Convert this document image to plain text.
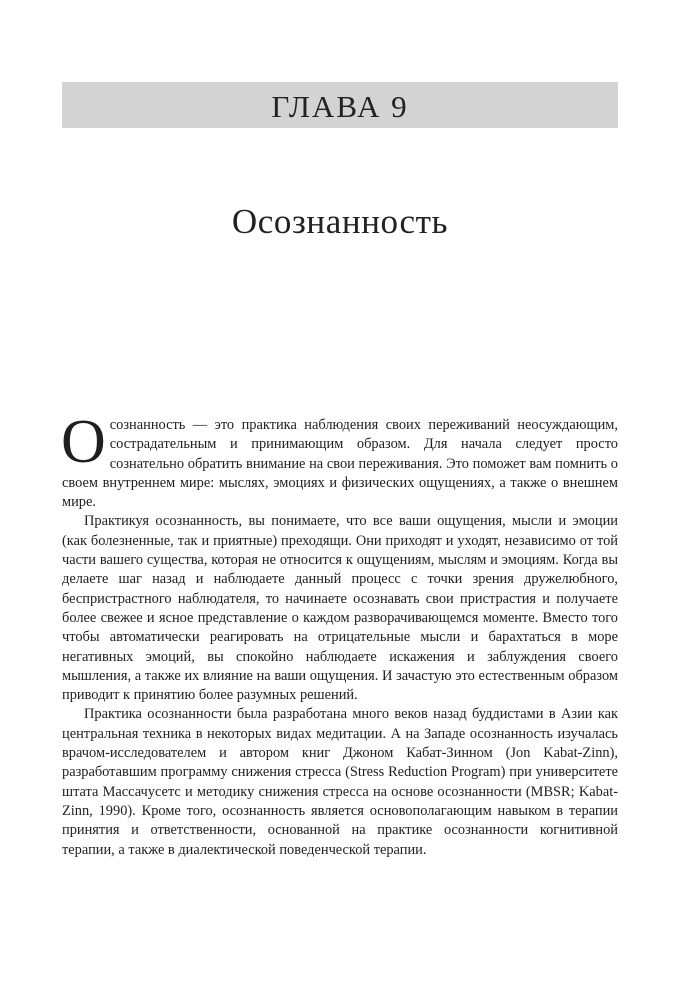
ГЛАВА 9
Осознанность

Осознанность — это практика наблюдения своих переживаний неосуждающим, сострадательным и принимающим образом. Для начала следует просто сознательно обратить внимание на свои переживания. Это поможет вам помнить о своем внутреннем мире: мыслях, эмоциях и физических ощущениях, а также о внешнем мире.

Практикуя осознанность, вы понимаете, что все ваши ощущения, мысли и эмоции (как болезненные, так и приятные) преходящи. Они приходят и уходят, независимо от той части вашего существа, которая не относится к ощущениям, мыслям и эмоциям. Когда вы делаете шаг назад и наблюдаете данный процесс с точки зрения дружелюбного, беспристрастного наблюдателя, то начинаете осознавать свои пристрастия и получаете более свежее и ясное представление о каждом разворачивающемся моменте. Вместо того чтобы автоматически реагировать на отрицательные мысли и барахтаться в море негативных эмоций, вы спокойно наблюдаете искажения и заблуждения своего мышления, а также их влияние на ваши ощущения. И зачастую это естественным образом приводит к принятию более разумных решений.

Практика осознанности была разработана много веков назад буддистами в Азии как центральная техника в некоторых видах медитации. А на Западе осознанность изучалась врачом-исследователем и автором книг Джоном Кабат-Зинном (Jon Kabat-Zinn), разработавшим программу снижения стресса (Stress Reduction Program) при университете штата Массачусетс и методику снижения стресса на основе осознанности (MBSR; Kabat-Zinn, 1990). Кроме того, осознанность является основополагающим навыком в терапии принятия и ответственности, основанной на практике осознанности когнитивной терапии, а также в диалектической поведенческой терапии.
